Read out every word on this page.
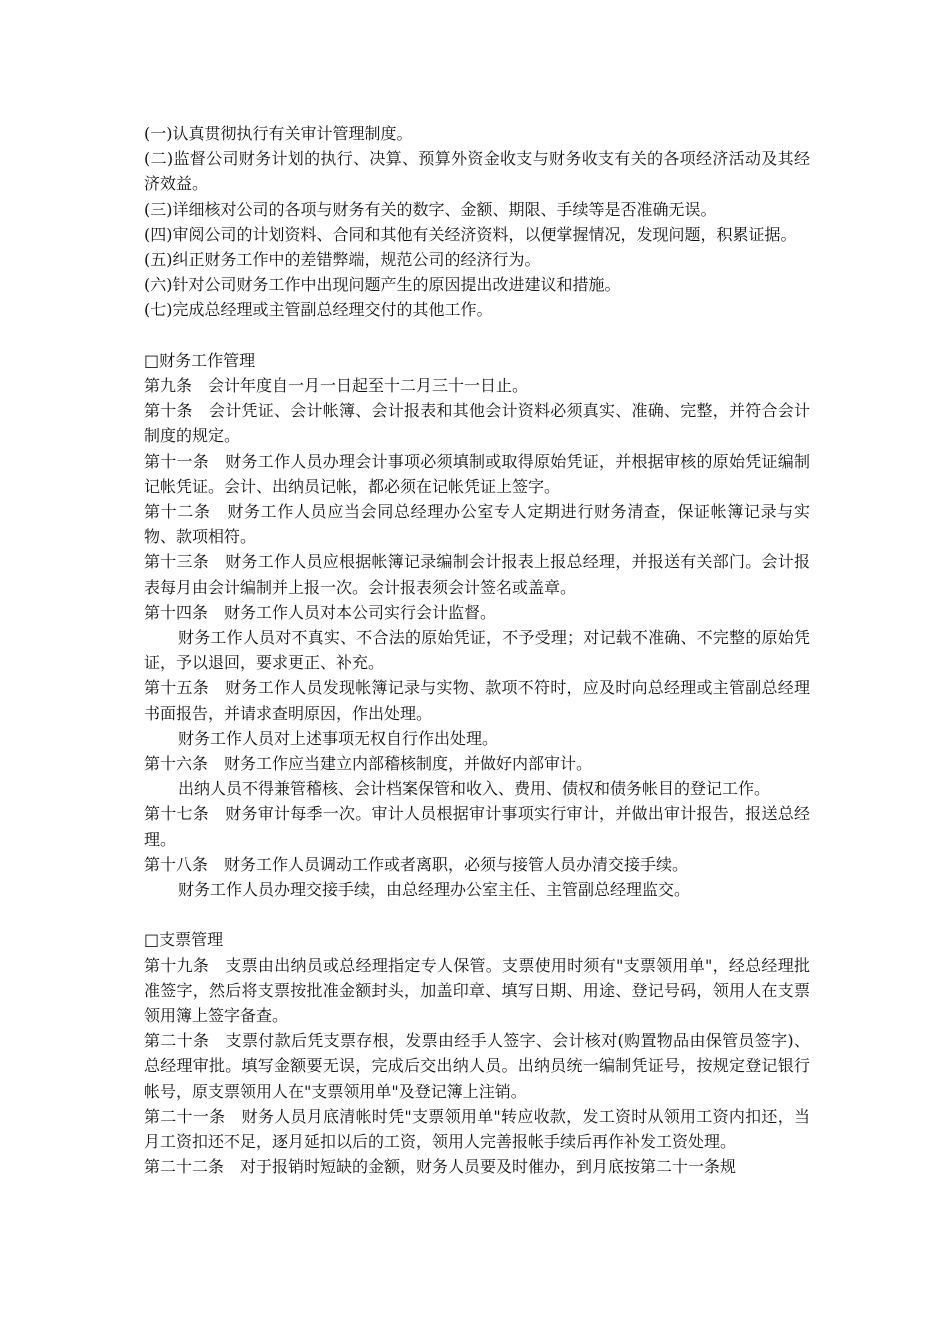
(一)认真贯彻执行有关审计管理制度。

(二)监督公司财务计划的执行、决算、预算外资金收支与财务收支有关的各项经济活动及其经济效益。

(三)详细核对公司的各项与财务有关的数字、金额、期限、手续等是否准确无误。

(四)审阅公司的计划资料、合同和其他有关经济资料，以便掌握情况，发现问题，积累证据。

(五)纠正财务工作中的差错弊端，规范公司的经济行为。

(六)针对公司财务工作中出现问题产生的原因提出改进建议和措施。

(七)完成总经理或主管副总经理交付的其他工作。

□财务工作管理

第九条　会计年度自一月一日起至十二月三十一日止。

第十条　会计凭证、会计帐簿、会计报表和其他会计资料必须真实、准确、完整，并符合会计制度的规定。

第十一条　财务工作人员办理会计事项必须填制或取得原始凭证，并根据审核的原始凭证编制记帐凭证。会计、出纳员记帐，都必须在记帐凭证上签字。

第十二条　财务工作人员应当会同总经理办公室专人定期进行财务清查，保证帐簿记录与实物、款项相符。

第十三条　财务工作人员应根据帐簿记录编制会计报表上报总经理，并报送有关部门。会计报表每月由会计编制并上报一次。会计报表须会计签名或盖章。

第十四条　财务工作人员对本公司实行会计监督。

财务工作人员对不真实、不合法的原始凭证，不予受理；对记载不准确、不完整的原始凭证，予以退回，要求更正、补充。

第十五条　财务工作人员发现帐簿记录与实物、款项不符时，应及时向总经理或主管副总经理书面报告，并请求查明原因，作出处理。

财务工作人员对上述事项无权自行作出处理。

第十六条　财务工作应当建立内部稽核制度，并做好内部审计。

出纳人员不得兼管稽核、会计档案保管和收入、费用、债权和债务帐目的登记工作。

第十七条　财务审计每季一次。审计人员根据审计事项实行审计，并做出审计报告，报送总经理。

第十八条　财务工作人员调动工作或者离职，必须与接管人员办清交接手续。

财务工作人员办理交接手续，由总经理办公室主任、主管副总经理监交。

□支票管理

第十九条　支票由出纳员或总经理指定专人保管。支票使用时须有"支票领用单"，经总经理批准签字，然后将支票按批准金额封头，加盖印章、填写日期、用途、登记号码，领用人在支票领用簿上签字备查。

第二十条　支票付款后凭支票存根，发票由经手人签字、会计核对(购置物品由保管员签字)、总经理审批。填写金额要无误，完成后交出纳人员。出纳员统一编制凭证号，按规定登记银行帐号，原支票领用人在"支票领用单"及登记簿上注销。

第二十一条　财务人员月底清帐时凭"支票领用单"转应收款，发工资时从领用工资内扣还，当月工资扣还不足，逐月延扣以后的工资，领用人完善报帐手续后再作补发工资处理。

第二十二条　对于报销时短缺的金额，财务人员要及时催办，到月底按第二十一条规
